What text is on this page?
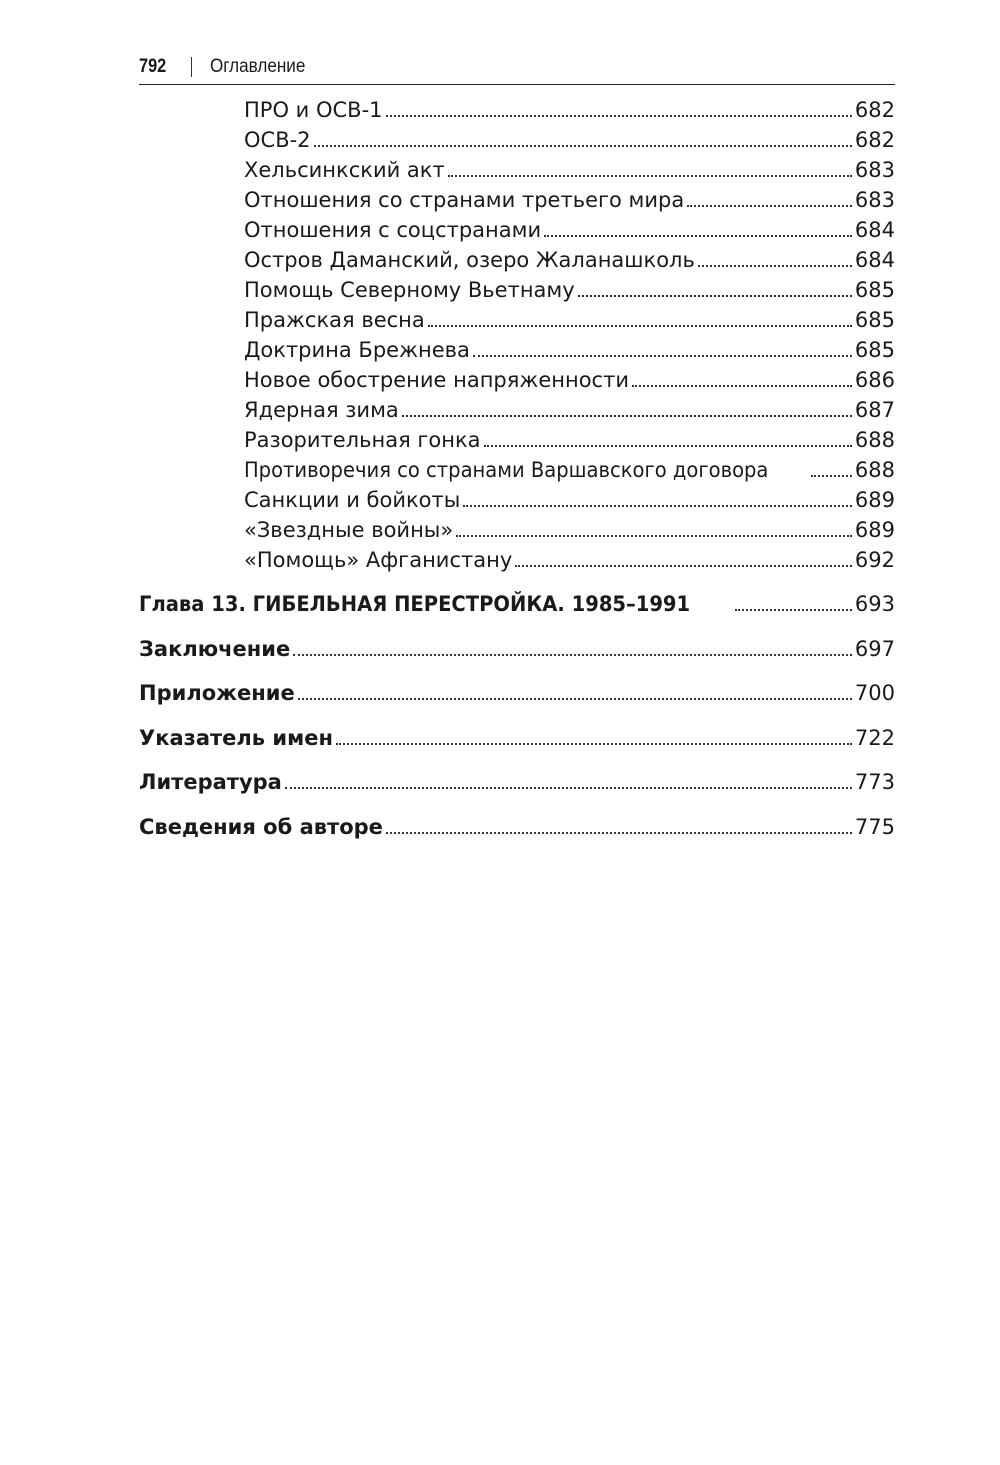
792 Оглавление
ПРО и ОСВ-1	682
ОСВ-2	682
Хельсинкский акт	683
Отношения со странами третьего мира	683
Отношения с соцстранами	684
Остров Даманский, озеро Жаланашколь	684
Помощь Северному Вьетнаму	685
Пражская весна	685
Доктрина Брежнева	685
Новое обострение напряженности	686
Ядерная зима	687
Разорительная гонка	688
Противоречия со странами Варшавского договора	688
Санкции и бойкоты	689
«Звездные войны»	689
«Помощь» Афганистану	692
Глава 13. ГИБЕЛЬНАЯ ПЕРЕСТРОЙКА. 1985–1991	693
Заключение	697
Приложение	700
Указатель имен	722
Литература	773
Сведения об авторе	775
